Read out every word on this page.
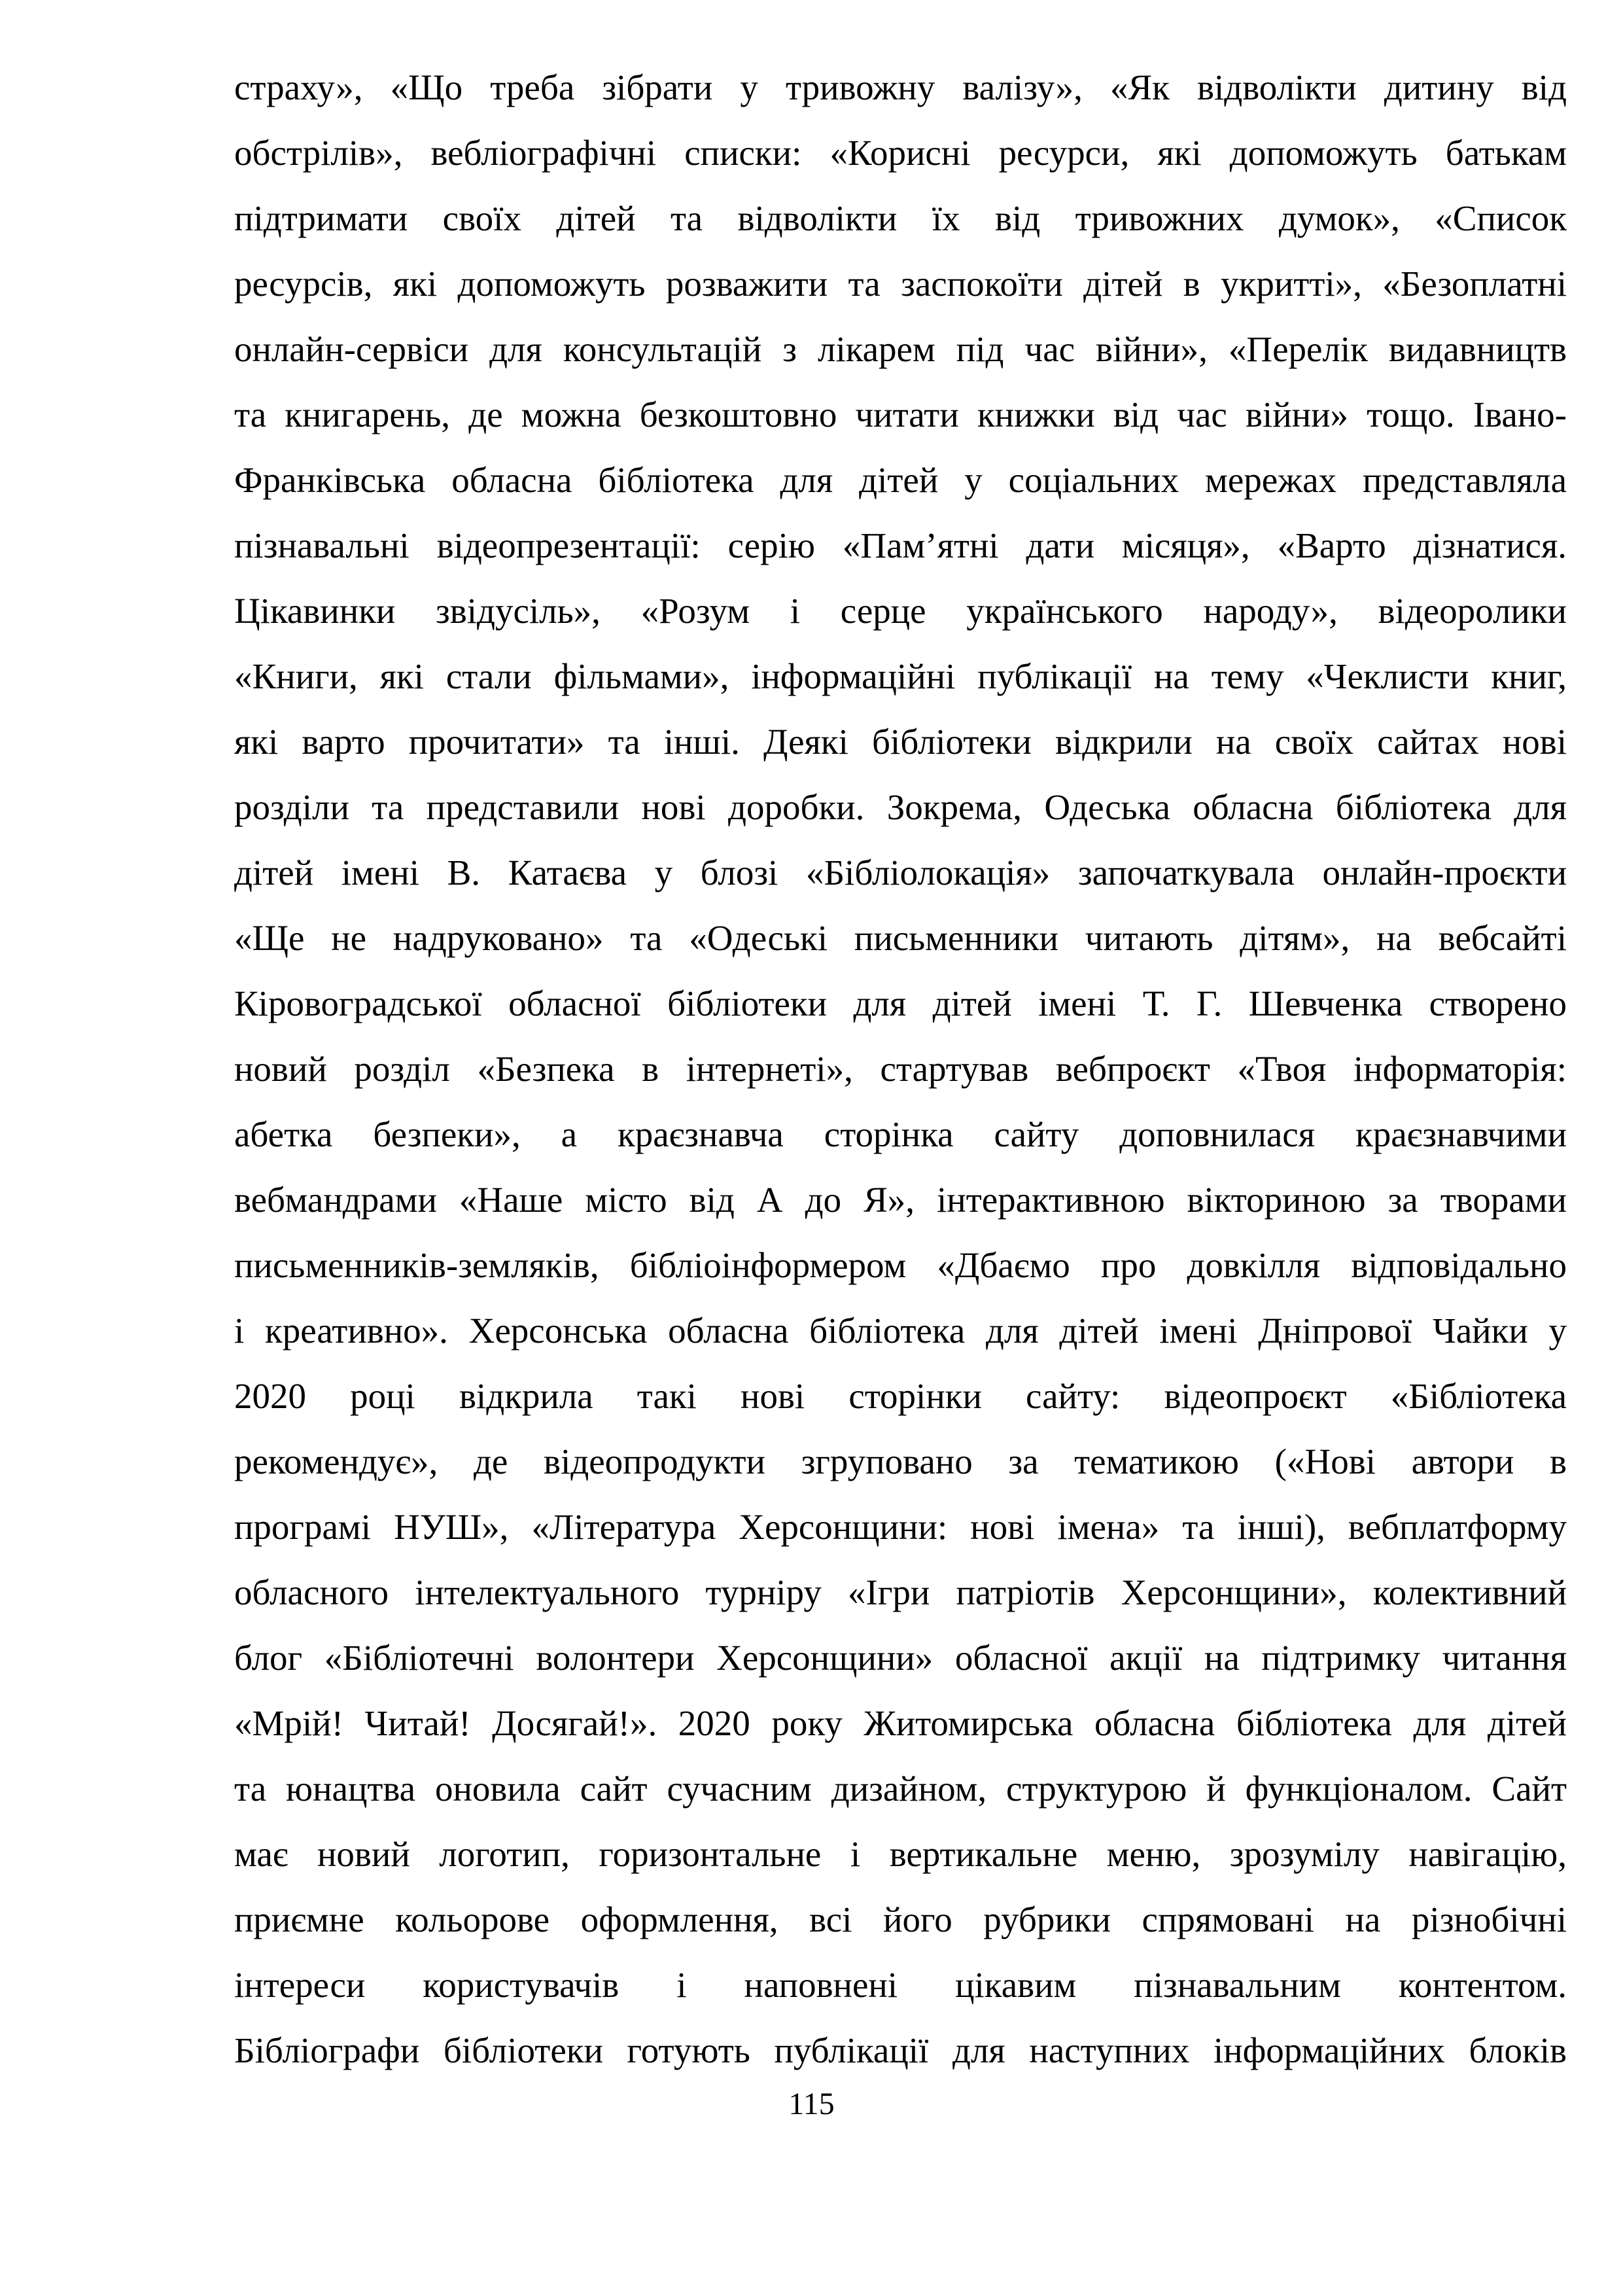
страху», «Що треба зібрати у тривожну валізу», «Як відволікти дитину від
обстрілів», вебліографічні списки: «Корисні ресурси, які допоможуть батькам
підтримати своїх дітей та відволікти їх від тривожних думок», «Список
ресурсів, які допоможуть розважити та заспокоїти дітей в укритті», «Безоплатні
онлайн-сервіси для консультацій з лікарем під час війни», «Перелік видавництв
та книгарень, де можна безкоштовно читати книжки від час війни» тощо. Івано-
Франківська обласна бібліотека для дітей у соціальних мережах представляла
пізнавальні відеопрезентації: серію «Пам’ятні дати місяця», «Варто дізнатися.
Цікавинки звідусіль», «Розум і серце українського народу», відеоролики
«Книги, які стали фільмами», інформаційні публікації на тему «Чеклисти книг,
які варто прочитати» та інші. Деякі бібліотеки відкрили на своїх сайтах нові
розділи та представили нові доробки. Зокрема, Одеська обласна бібліотека для
дітей імені В. Катаєва у блозі «Бібліолокація» започаткувала онлайн-проєкти
«Ще не надруковано» та «Одеські письменники читають дітям», на вебсайті
Кіровоградської обласної бібліотеки для дітей імені Т. Г. Шевченка створено
новий розділ «Безпека в інтернеті», стартував вебпроєкт «Твоя інформаторія:
абетка безпеки», а краєзнавча сторінка сайту доповнилася краєзнавчими
вебмандрами «Наше місто від А до Я», інтерактивною вікториною за творами
письменників-земляків, бібліоінформером «Дбаємо про довкілля відповідально
і креативно». Херсонська обласна бібліотека для дітей імені Дніпрової Чайки у
2020 році відкрила такі нові сторінки сайту: відеопроєкт «Бібліотека
рекомендує», де відеопродукти згруповано за тематикою («Нові автори в
програмі НУШ», «Література Херсонщини: нові імена» та інші), вебплатформу
обласного інтелектуального турніру «Ігри патріотів Херсонщини», колективний
блог «Бібліотечні волонтери Херсонщини» обласної акції на підтримку читання
«Мрій! Читай! Досягай!». 2020 року Житомирська обласна бібліотека для дітей
та юнацтва оновила сайт сучасним дизайном, структурою й функціоналом. Сайт
має новий логотип, горизонтальне і вертикальне меню, зрозумілу навігацію,
приємне кольорове оформлення, всі його рубрики спрямовані на різнобічні
інтереси користувачів і наповнені цікавим пізнавальним контентом.
Бібліографи бібліотеки готують публікації для наступних інформаційних блоків
115
